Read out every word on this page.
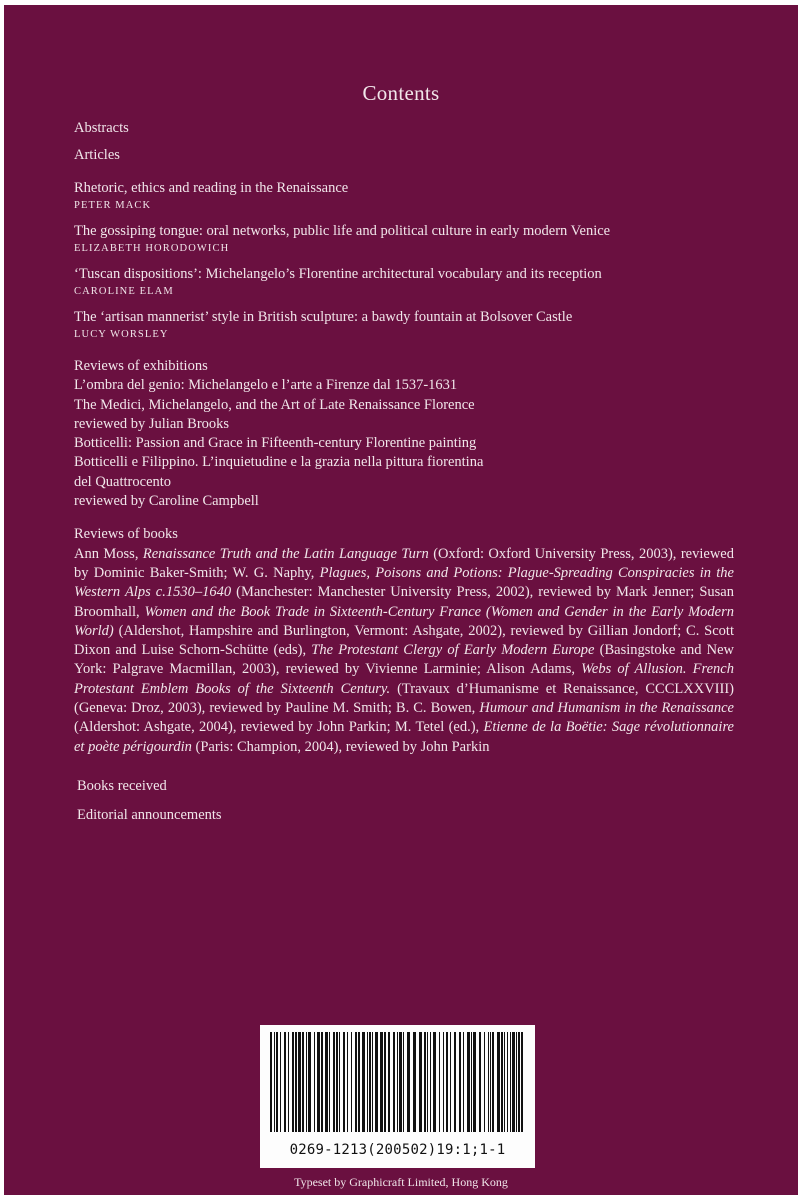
Contents
Abstracts
Articles
Rhetoric, ethics and reading in the Renaissance
PETER MACK
The gossiping tongue: oral networks, public life and political culture in early modern Venice
ELIZABETH HORODOWICH
‘Tuscan dispositions’: Michelangelo’s Florentine architectural vocabulary and its reception
CAROLINE ELAM
The ‘artisan mannerist’ style in British sculpture: a bawdy fountain at Bolsover Castle
LUCY WORSLEY
Reviews of exhibitions
L’ombra del genio: Michelangelo e l’arte a Firenze dal 1537-1631
The Medici, Michelangelo, and the Art of Late Renaissance Florence
reviewed by Julian Brooks
Botticelli: Passion and Grace in Fifteenth-century Florentine painting
Botticelli e Filippino. L’inquietudine e la grazia nella pittura fiorentina
del Quattrocento
reviewed by Caroline Campbell
Reviews of books

Ann Moss, Renaissance Truth and the Latin Language Turn (Oxford: Oxford University Press, 2003), reviewed by Dominic Baker-Smith; W. G. Naphy, Plagues, Poisons and Potions: Plague-Spreading Conspiracies in the Western Alps c.1530–1640 (Manchester: Manchester University Press, 2002), reviewed by Mark Jenner; Susan Broomhall, Women and the Book Trade in Sixteenth-Century France (Women and Gender in the Early Modern World) (Aldershot, Hampshire and Burlington, Vermont: Ashgate, 2002), reviewed by Gillian Jondorf; C. Scott Dixon and Luise Schorn-Schütte (eds), The Protestant Clergy of Early Modern Europe (Basingstoke and New York: Palgrave Macmillan, 2003), reviewed by Vivienne Larminie; Alison Adams, Webs of Allusion. French Protestant Emblem Books of the Sixteenth Century. (Travaux d’Humanisme et Renaissance, CCCLXXVIII) (Geneva: Droz, 2003), reviewed by Pauline M. Smith; B. C. Bowen, Humour and Humanism in the Renaissance (Aldershot: Ashgate, 2004), reviewed by John Parkin; M. Tetel (ed.), Etienne de la Boëtie: Sage révolutionnaire et poète périgourdin (Paris: Champion, 2004), reviewed by John Parkin

Books received
Editorial announcements
0269-1213(200502)19:1;1-1
Typeset by Graphicraft Limited, Hong Kong
